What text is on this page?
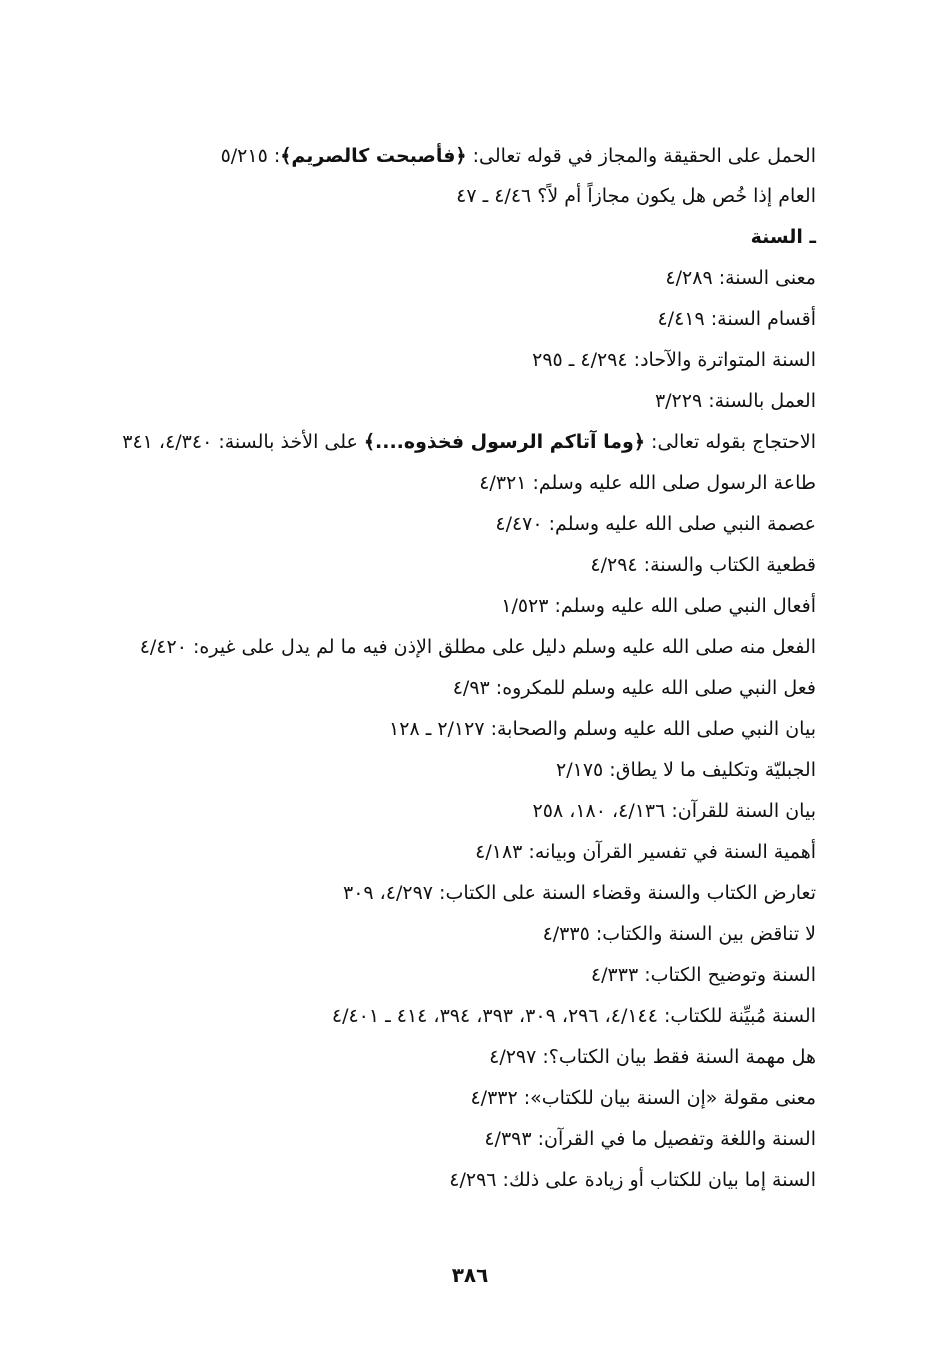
الحمل على الحقيقة والمجاز في قوله تعالى: ﴿فأصبحت كالصريم﴾: ٥/٢١٥
العام إذا خُص هل يكون مجازاً أم لاً؟ ٤/٤٦ ـ ٤٧
ـ السنة
معنى السنة: ٤/٢٨٩
أقسام السنة: ٤/٤١٩
السنة المتواترة والآحاد: ٤/٢٩٤ ـ ٢٩٥
العمل بالسنة: ٣/٢٢٩
الاحتجاج بقوله تعالى: ﴿وما آتاكم الرسول فخذوه....﴾ على الأخذ بالسنة: ٤/٣٤٠، ٣٤١
طاعة الرسول صلى الله عليه وسلم: ٤/٣٢١
عصمة النبي صلى الله عليه وسلم: ٤/٤٧٠
قطعية الكتاب والسنة: ٤/٢٩٤
أفعال النبي صلى الله عليه وسلم: ١/٥٢٣
الفعل منه صلى الله عليه وسلم دليل على مطلق الإذن فيه ما لم يدل على غيره: ٤/٤٢٠
فعل النبي صلى الله عليه وسلم للمكروه: ٤/٩٣
بيان النبي صلى الله عليه وسلم والصحابة: ٢/١٢٧ ـ ١٢٨
الجبليّة وتكليف ما لا يطاق: ٢/١٧٥
بيان السنة للقرآن: ٤/١٣٦، ١٨٠، ٢٥٨
أهمية السنة في تفسير القرآن وبيانه: ٤/١٨٣
تعارض الكتاب والسنة وقضاء السنة على الكتاب: ٤/٢٩٧، ٣٠٩
لا تناقض بين السنة والكتاب: ٤/٣٣٥
السنة وتوضيح الكتاب: ٤/٣٣٣
السنة مُبيِّنة للكتاب: ٤/١٤٤، ٢٩٦، ٣٠٩، ٣٩٣، ٣٩٤، ٤١٤ ـ ٤/٤٠١
هل مهمة السنة فقط بيان الكتاب؟: ٤/٢٩٧
معنى مقولة «إن السنة بيان للكتاب»: ٤/٣٣٢
السنة واللغة وتفصيل ما في القرآن: ٤/٣٩٣
السنة إما بيان للكتاب أو زيادة على ذلك: ٤/٢٩٦
٣٨٦
